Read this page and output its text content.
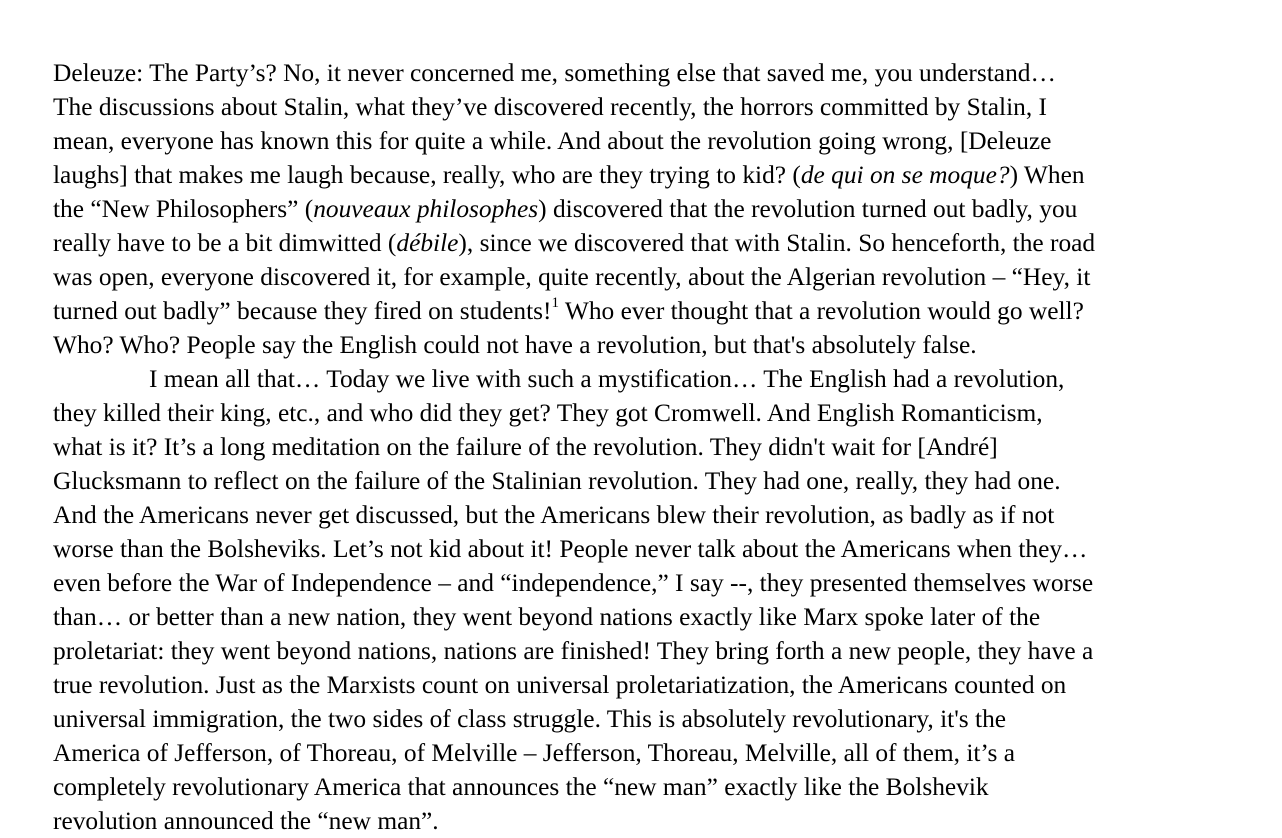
Deleuze: The Party’s? No, it never concerned me, something else that saved me, you understand…
The discussions about Stalin, what they’ve discovered recently, the horrors committed by Stalin, I
mean, everyone has known this for quite a while. And about the revolution going wrong, [Deleuze
laughs] that makes me laugh because, really, who are they trying to kid? (de qui on se moque?) When
the “New Philosophers” (nouveaux philosophes) discovered that the revolution turned out badly, you
really have to be a bit dimwitted (débile), since we discovered that with Stalin. So henceforth, the road
was open, everyone discovered it, for example, quite recently, about the Algerian revolution – “Hey, it
turned out badly” because they fired on students!$^1$ Who ever thought that a revolution would go well?
Who? Who? People say the English could not have a revolution, but that's absolutely false.
I mean all that… Today we live with such a mystification… The English had a revolution,
they killed their king, etc., and who did they get? They got Cromwell. And English Romanticism,
what is it? It’s a long meditation on the failure of the revolution. They didn't wait for [André]
Glucksmann to reflect on the failure of the Stalinian revolution. They had one, really, they had one.
And the Americans never get discussed, but the Americans blew their revolution, as badly as if not
worse than the Bolsheviks. Let’s not kid about it! People never talk about the Americans when they…
even before the War of Independence – and “independence,” I say --, they presented themselves worse
than… or better than a new nation, they went beyond nations exactly like Marx spoke later of the
proletariat: they went beyond nations, nations are finished! They bring forth a new people, they have a
true revolution. Just as the Marxists count on universal proletariatization, the Americans counted on
universal immigration, the two sides of class struggle. This is absolutely revolutionary, it's the
America of Jefferson, of Thoreau, of Melville – Jefferson, Thoreau, Melville, all of them, it’s a
completely revolutionary America that announces the “new man” exactly like the Bolshevik
revolution announced the “new man”.
